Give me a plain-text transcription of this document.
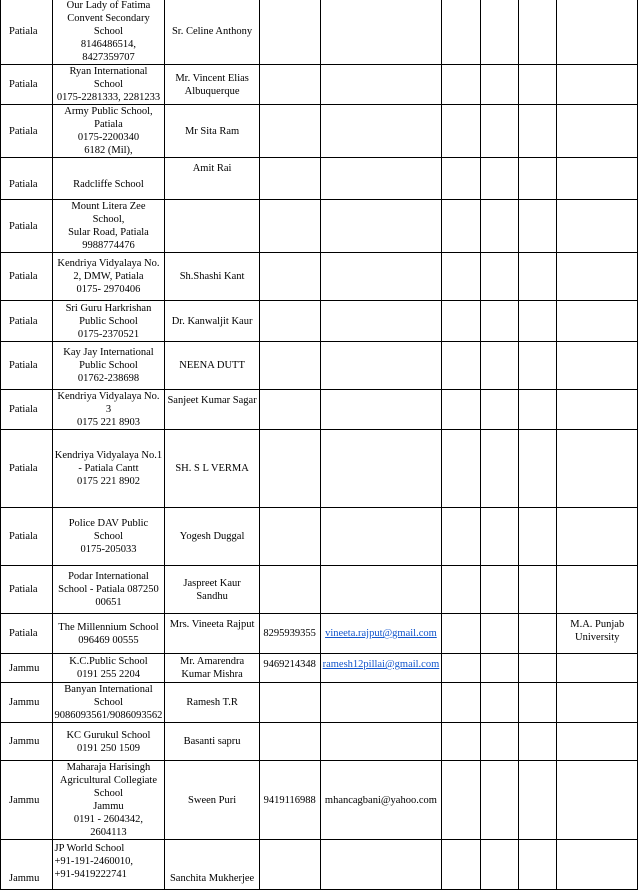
Patiala	Our Lady of Fatima
Convent Secondary
School
8146486514, 8427359707	Sr. Celine Anthony						
Patiala	Ryan International School
0175-2281333, 2281233	Mr. Vincent Elias
Albuquerque						
Patiala	Army Public School,
Patiala
0175-2200340
6182 (Mil),	Mr Sita Ram						
Patiala	Radcliffe School	Amit Rai						
Patiala	Mount Litera Zee School,
Sular Road, Patiala
9988774476							
Patiala	Kendriya Vidyalaya No.
2, DMW, Patiala
0175- 2970406	Sh.Shashi Kant						
Patiala	Sri Guru Harkrishan
Public School
0175-2370521	Dr. Kanwaljit Kaur						
Patiala	Kay Jay International
Public School
01762-238698	NEENA DUTT						
Patiala	Kendriya Vidyalaya No. 3
0175 221 8903	Sanjeet Kumar Sagar						
Patiala	Kendriya Vidyalaya No.1
- Patiala Cantt
0175 221 8902	SH. S L VERMA						
Patiala	Police DAV Public
School
0175-205033	Yogesh Duggal						
Patiala	Podar International
School - Patiala 087250
00651	Jaspreet Kaur Sandhu						
Patiala	The Millennium School
096469 00555	Mrs. Vineeta Rajput	8295939355	vineeta.rajput@gmail.com				M.A. Punjab
University
Jammu	K.C.Public School
0191 255 2204	Mr. Amarendra
Kumar Mishra	9469214348	ramesh12pillai@gmail.com				
Jammu	Banyan International
School
9086093561/9086093562	Ramesh T.R						
Jammu	KC Gurukul School
0191 250 1509	Basanti sapru						
Jammu	Maharaja Harisingh
Agricultural Collegiate
School
Jammu
0191 - 2604342, 2604113	Sween Puri	9419116988	mhancagbani@yahoo.com				
Jammu	JP World School
+91-191-2460010,
+91-9419222741	Sanchita Mukherjee						
